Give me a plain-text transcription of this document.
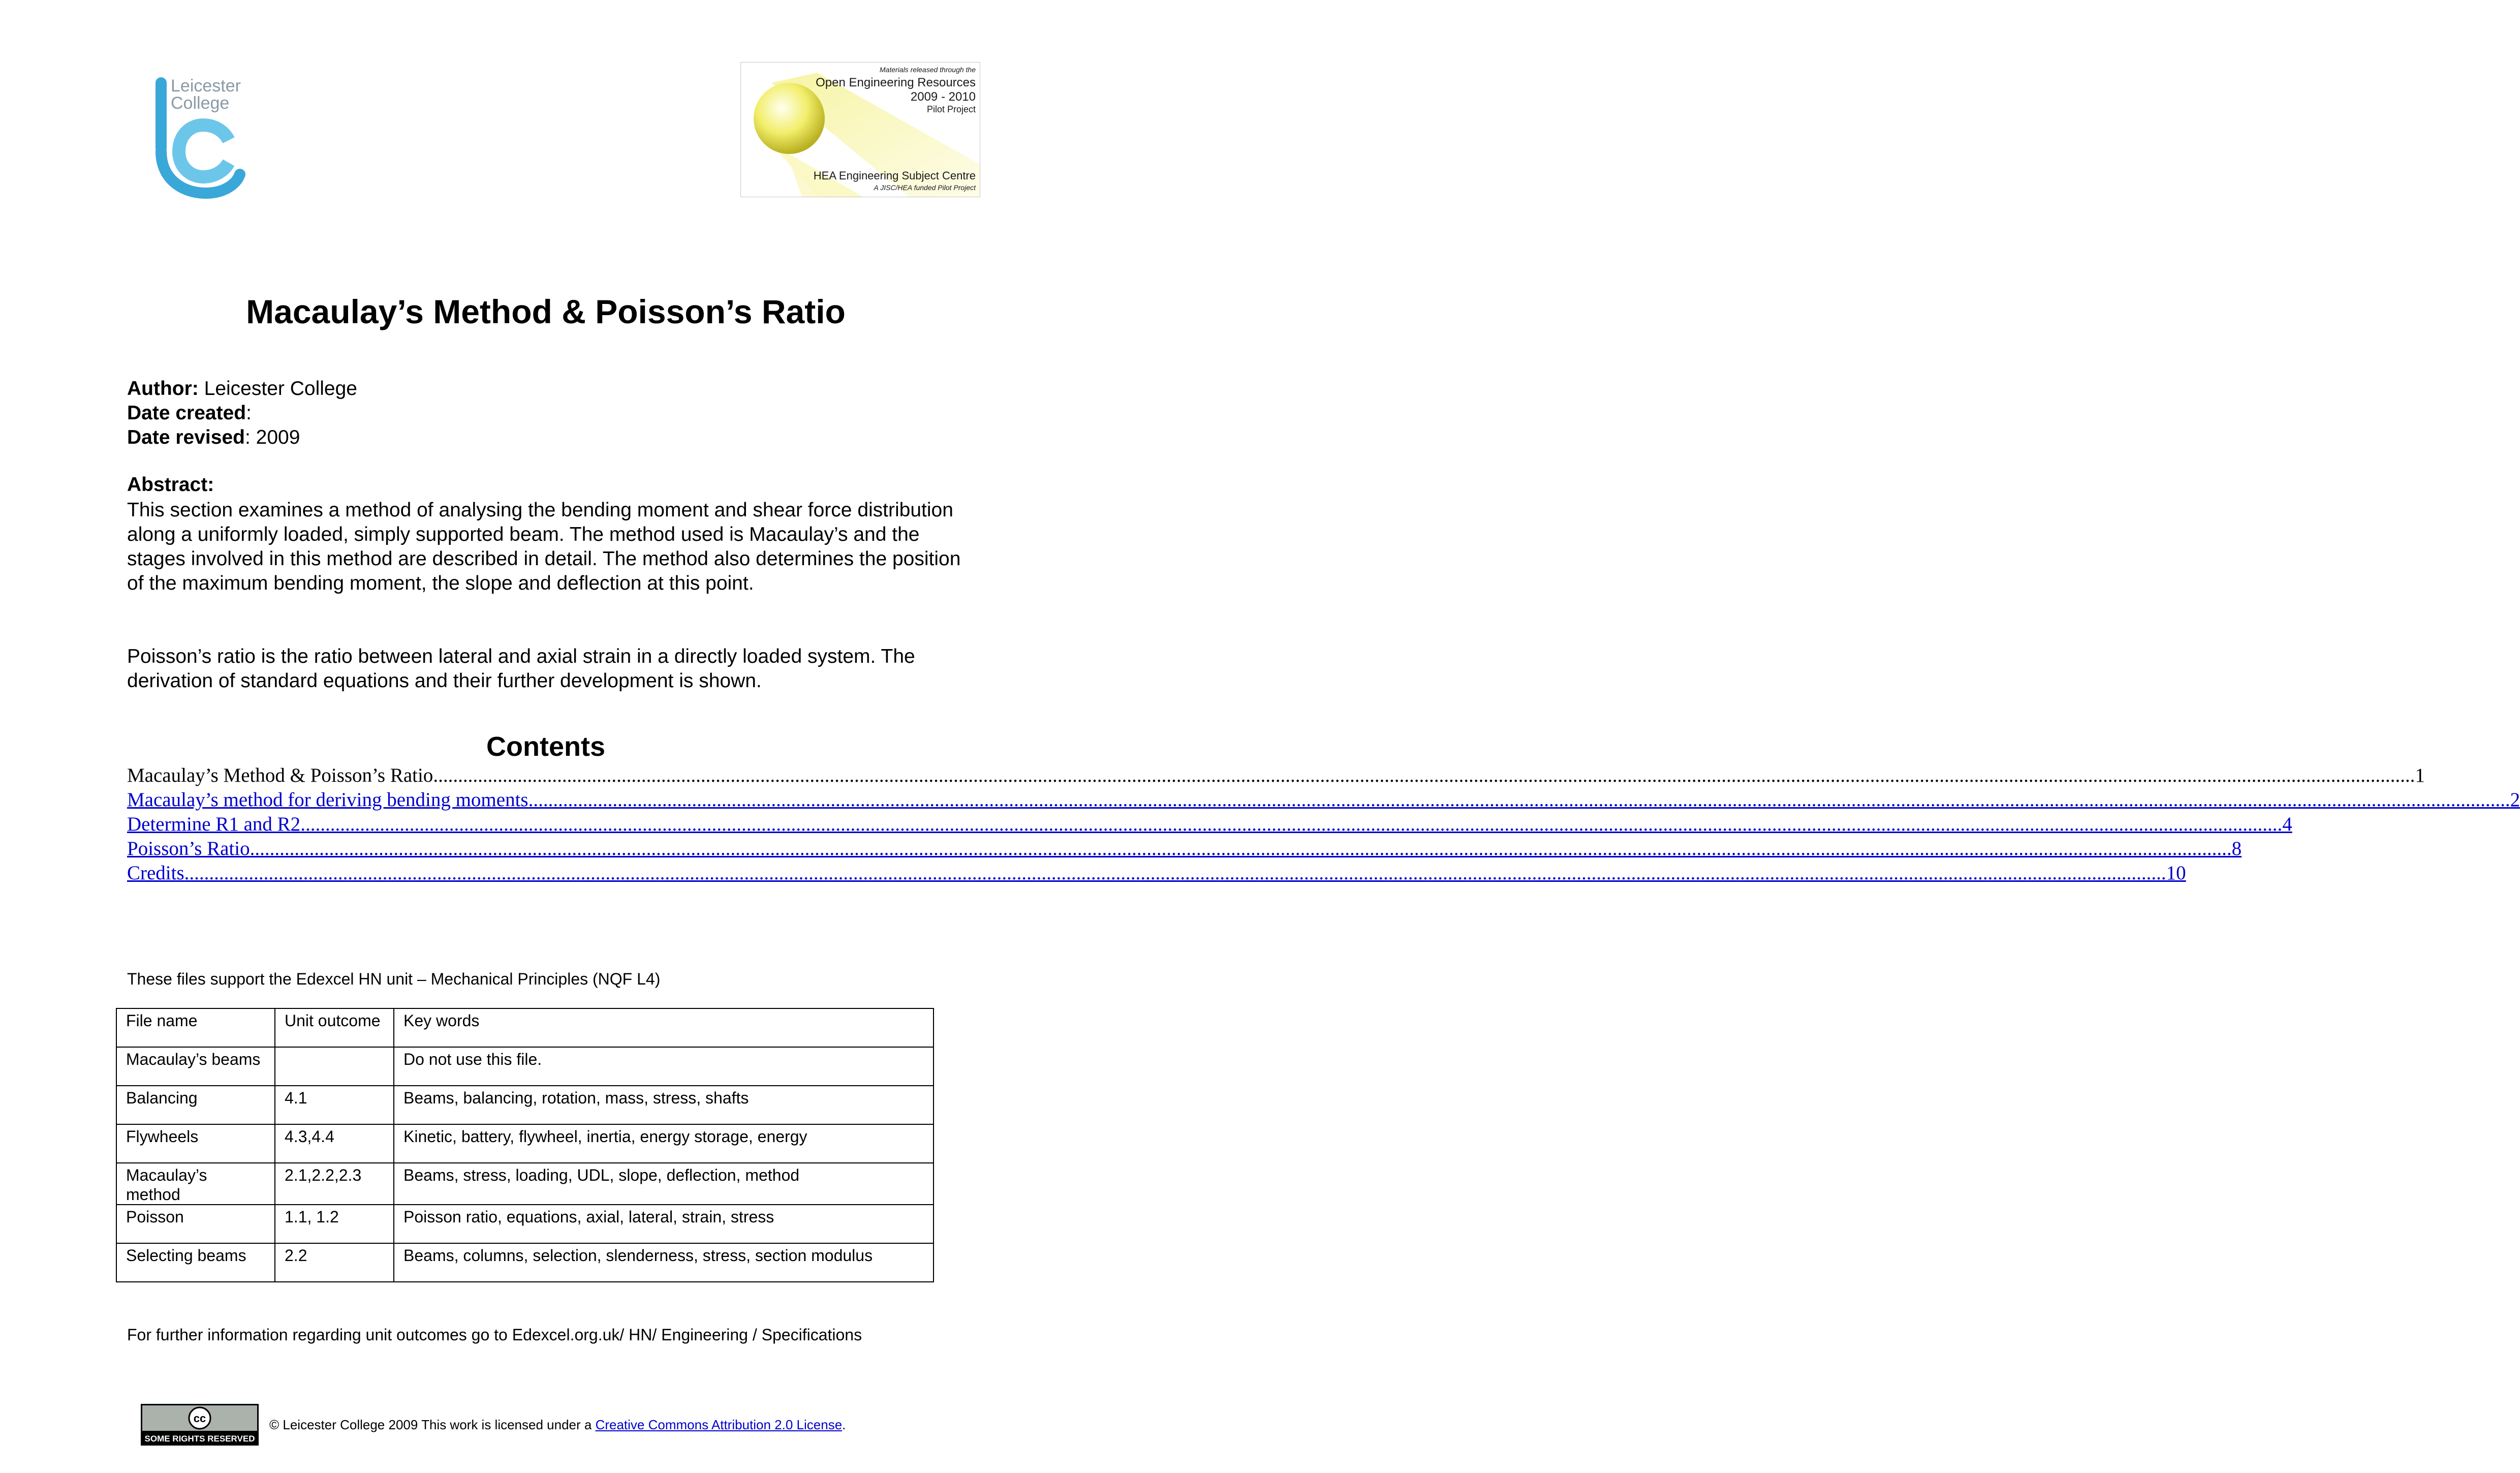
Leicester
College
Materials released through the
Open Engineering Resources
2009 - 2010
Pilot Project
HEA Engineering Subject Centre
A JISC/HEA funded Pilot Project
Macaulay’s Method & Poisson’s Ratio
Author: Leicester College
Date created:
Date revised: 2009
Abstract:
This section examines a method of analysing the bending moment and shear force distribution along a uniformly loaded, simply supported beam. The method used is Macaulay’s and the stages involved in this method are described in detail. The method also determines the position of the maximum bending moment, the slope and deflection at this point.
Poisson’s ratio is the ratio between lateral and axial strain in a directly loaded system. The derivation of standard equations and their further development is shown.
Contents
Macaulay’s Method & Poisson’s Ratio ................................................................................................................................................................................................................................................................................................................................................................................................................ 1
Macaulay’s method for deriving bending moments ................................................................................................................................................................................................................................................................................................................................................................................................................ 2
Determine R1 and R2 ................................................................................................................................................................................................................................................................................................................................................................................................................ 4
Poisson’s Ratio ................................................................................................................................................................................................................................................................................................................................................................................................................ 8
Credits ................................................................................................................................................................................................................................................................................................................................................................................................................ 10
These files support the Edexcel HN unit – Mechanical Principles (NQF L4)
File name	Unit outcome	Key words
Macaulay’s beams		Do not use this file.
Balancing	4.1	Beams, balancing, rotation, mass, stress, shafts
Flywheels	4.3,4.4	Kinetic, battery, flywheel, inertia, energy storage, energy
Macaulay’s method	2.1,2.2,2.3	Beams, stress, loading, UDL, slope, deflection, method
Poisson	1.1, 1.2	Poisson ratio, equations, axial, lateral, strain, stress
Selecting beams	2.2	Beams, columns, selection, slenderness, stress, section modulus
For further information regarding unit outcomes go to Edexcel.org.uk/ HN/ Engineering / Specifications
cc
SOME RIGHTS RESERVED
© Leicester College 2009 This work is licensed under a Creative Commons Attribution 2.0 License.
